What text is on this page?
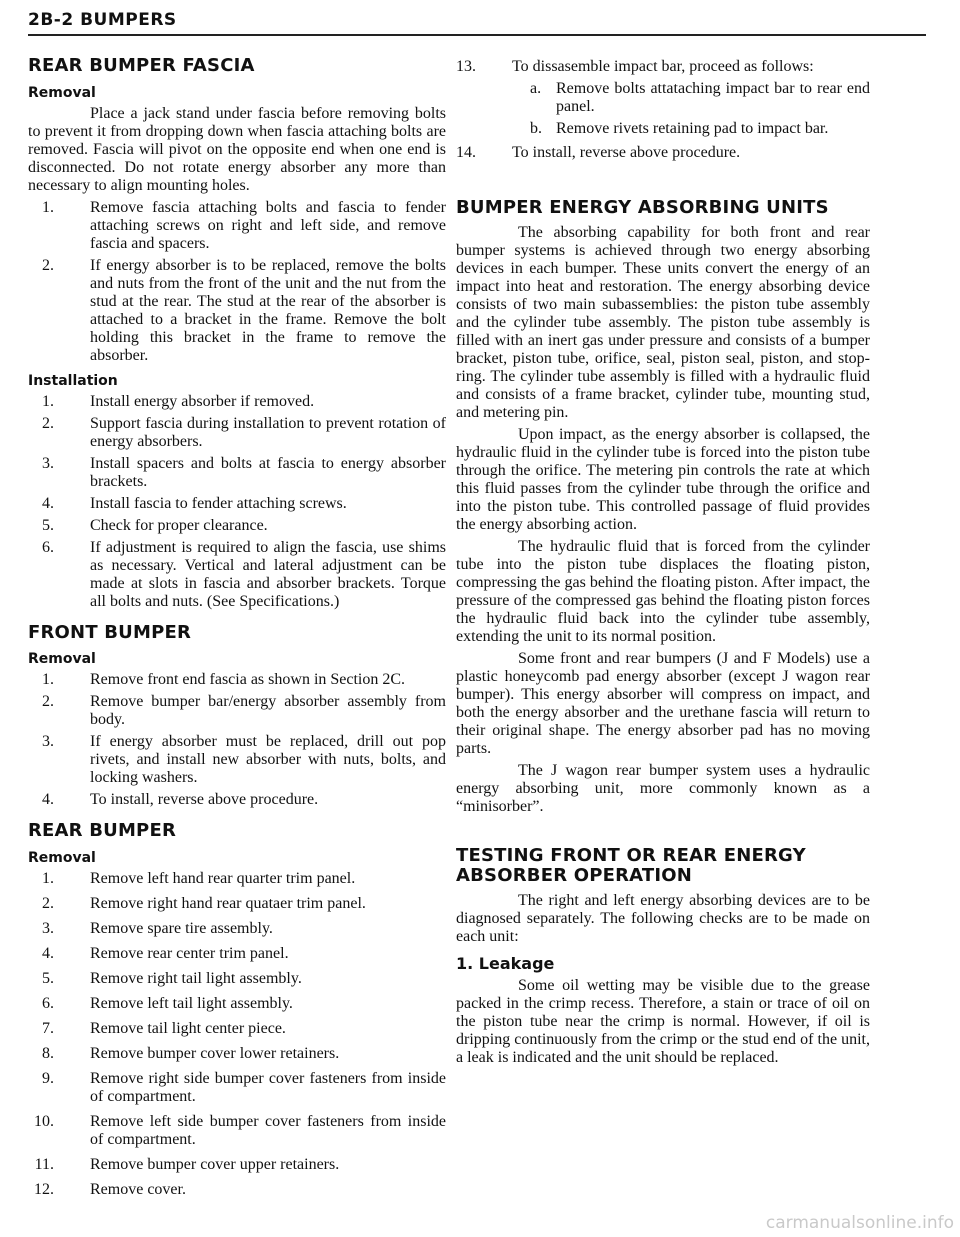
2B-2 BUMPERS
REAR BUMPER FASCIA
Removal

Place a jack stand under fascia before removing bolts to prevent it from dropping down when fascia attaching bolts are removed. Fascia will pivot on the opposite end when one end is disconnected. Do not rotate energy absorber any more than necessary to align mounting holes.

1. Remove fascia attaching bolts and fascia to fender attaching screws on right and left side, and remove fascia and spacers.
2. If energy absorber is to be replaced, remove the bolts and nuts from the front of the unit and the nut from the stud at the rear. The stud at the rear of the absorber is attached to a bracket in the frame. Remove the bolt holding this bracket in the frame to remove the absorber.
Installation
1. Install energy absorber if removed.
2. Support fascia during installation to prevent rotation of energy absorbers.
3. Install spacers and bolts at fascia to energy absorber brackets.
4. Install fascia to fender attaching screws.
5. Check for proper clearance.
6. If adjustment is required to align the fascia, use shims as necessary. Vertical and lateral adjustment can be made at slots in fascia and absorber brackets. Torque all bolts and nuts. (See Specifications.)
FRONT BUMPER
Removal
1. Remove front end fascia as shown in Section 2C.
2. Remove bumper bar/energy absorber assembly from body.
3. If energy absorber must be replaced, drill out pop rivets, and install new absorber with nuts, bolts, and locking washers.
4. To install, reverse above procedure.
REAR BUMPER
Removal
1. Remove left hand rear quarter trim panel.
2. Remove right hand rear quataer trim panel.
3. Remove spare tire assembly.
4. Remove rear center trim panel.
5. Remove right tail light assembly.
6. Remove left tail light assembly.
7. Remove tail light center piece.
8. Remove bumper cover lower retainers.
9. Remove right side bumper cover fasteners from inside of compartment.
10. Remove left side bumper cover fasteners from inside of compartment.
11. Remove bumper cover upper retainers.
12. Remove cover.
13.	To dissasemble impact bar, proceed as follows:
a. Remove bolts attataching impact bar to rear end panel.
b. Remove rivets retaining pad to impact bar.
14.	To install, reverse above procedure.
BUMPER ENERGY ABSORBING UNITS

The absorbing capability for both front and rear bumper systems is achieved through two energy absorbing devices in each bumper. These units convert the energy of an impact into heat and restoration. The energy absorbing device consists of two main subassemblies: the piston tube assembly and the cylinder tube assembly. The piston tube assembly is filled with an inert gas under pressure and consists of a bumper bracket, piston tube, orifice, seal, piston seal, piston, and stop-ring. The cylinder tube assembly is filled with a hydraulic fluid and consists of a frame bracket, cylinder tube, mounting stud, and metering pin.

Upon impact, as the energy absorber is collapsed, the hydraulic fluid in the cylinder tube is forced into the piston tube through the orifice. The metering pin controls the rate at which this fluid passes from the cylinder tube through the orifice and into the piston tube. This controlled passage of fluid provides the energy absorbing action.

The hydraulic fluid that is forced from the cylinder tube into the piston tube displaces the floating piston, compressing the gas behind the floating piston. After impact, the pressure of the compressed gas behind the floating piston forces the hydraulic fluid back into the cylinder tube assembly, extending the unit to its normal position.

Some front and rear bumpers (J and F Models) use a plastic honeycomb pad energy absorber (except J wagon rear bumper). This energy absorber will compress on impact, and both the energy absorber and the urethane fascia will return to their original shape. The energy absorber pad has no moving parts.

The J wagon rear bumper system uses a hydraulic energy absorbing unit, more commonly known as a “minisorber”.

TESTING FRONT OR REAR ENERGY
ABSORBER OPERATION

The right and left energy absorbing devices are to be diagnosed separately. The following checks are to be made on each unit:

1. Leakage

Some oil wetting may be visible due to the grease packed in the crimp recess. Therefore, a stain or trace of oil on the piston tube near the crimp is normal. However, if oil is dripping continuously from the crimp or the stud end of the unit, a leak is indicated and the unit should be replaced.

carmanualsonline.info
